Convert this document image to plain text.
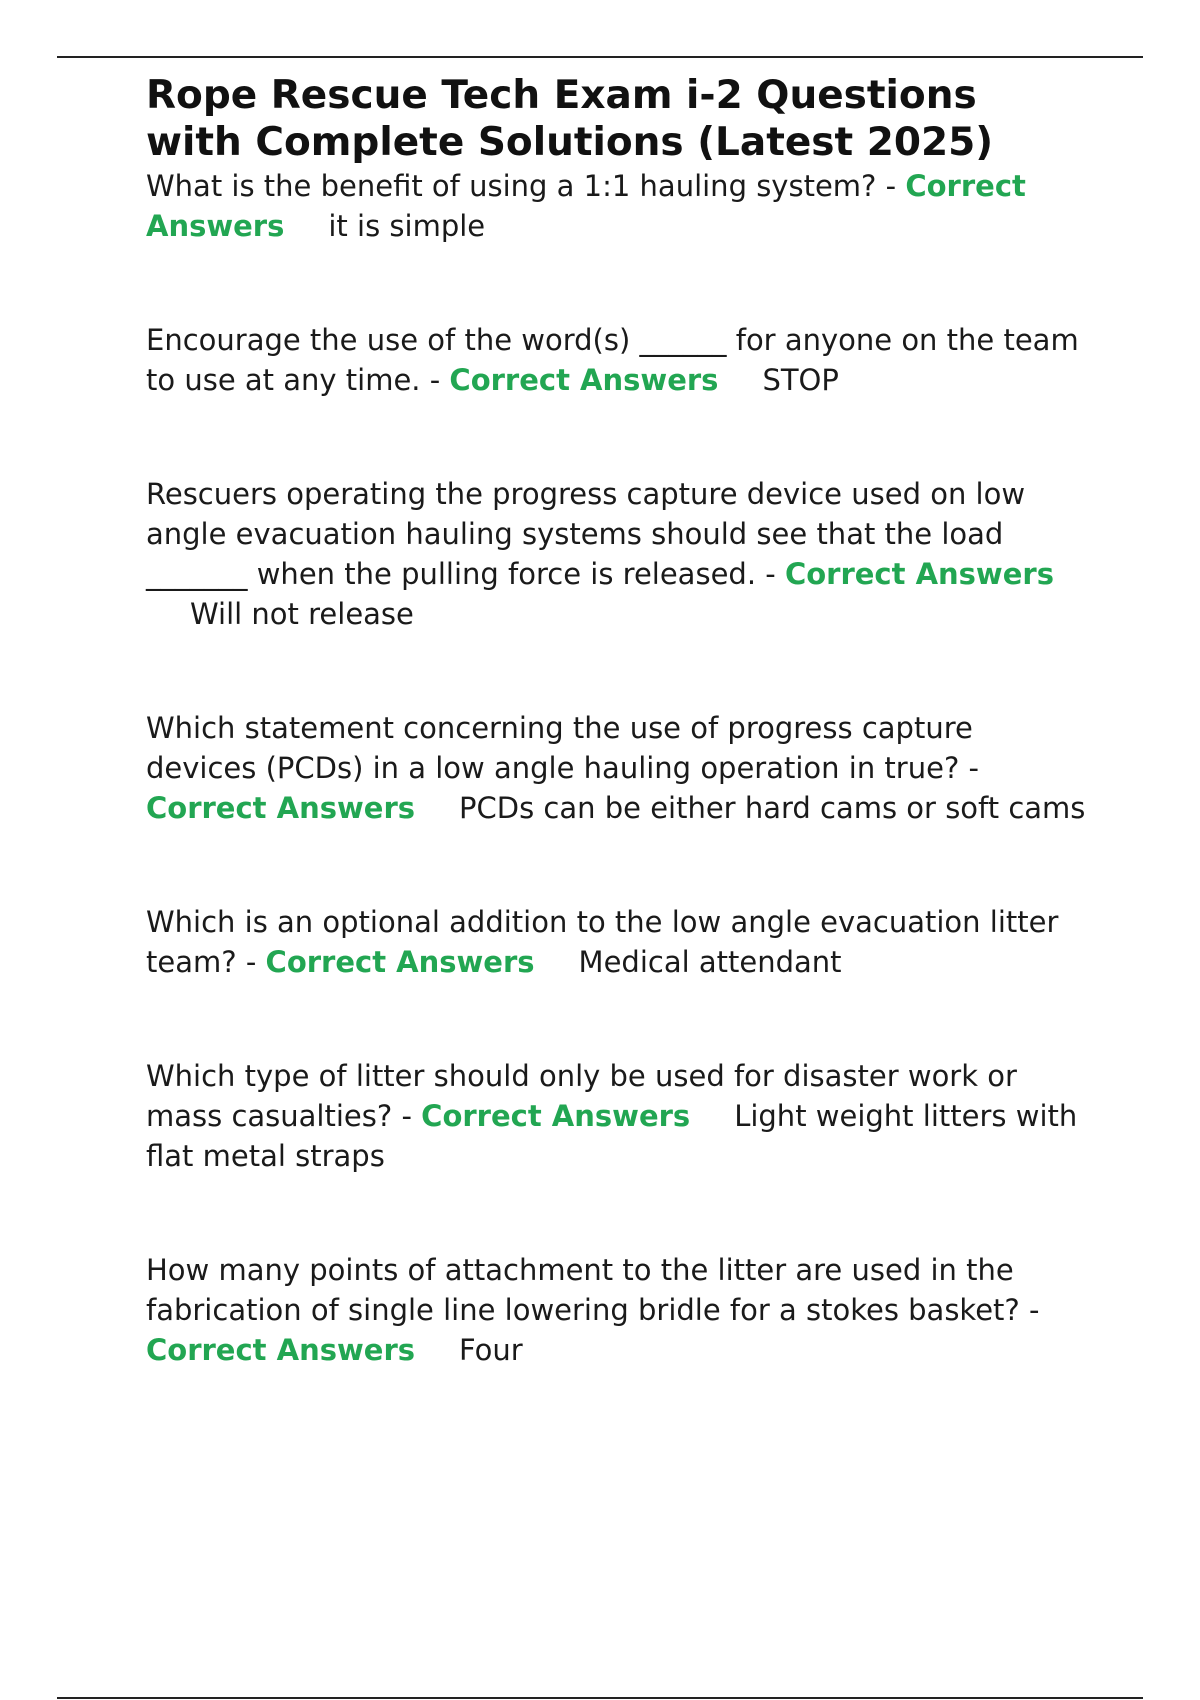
Rope Rescue Tech Exam i-2 Questions with Complete Solutions (Latest 2025)

What is the benefit of using a 1:1 hauling system? - Correct Answers it is simple

Encourage the use of the word(s) ______ for anyone on the team to use at any time. - Correct Answers STOP

Rescuers operating the progress capture device used on low angle evacuation hauling systems should see that the load _______ when the pulling force is released. - Correct AnswersWill not release

Which statement concerning the use of progress capture devices (PCDs) in a low angle hauling operation in true? - Correct Answers PCDs can be either hard cams or soft cams

Which is an optional addition to the low angle evacuation litter team? - Correct Answers Medical attendant

Which type of litter should only be used for disaster work or mass casualties? - Correct Answers Light weight litters with flat metal straps

How many points of attachment to the litter are used in the fabrication of single line lowering bridle for a stokes basket? - Correct Answers Four
